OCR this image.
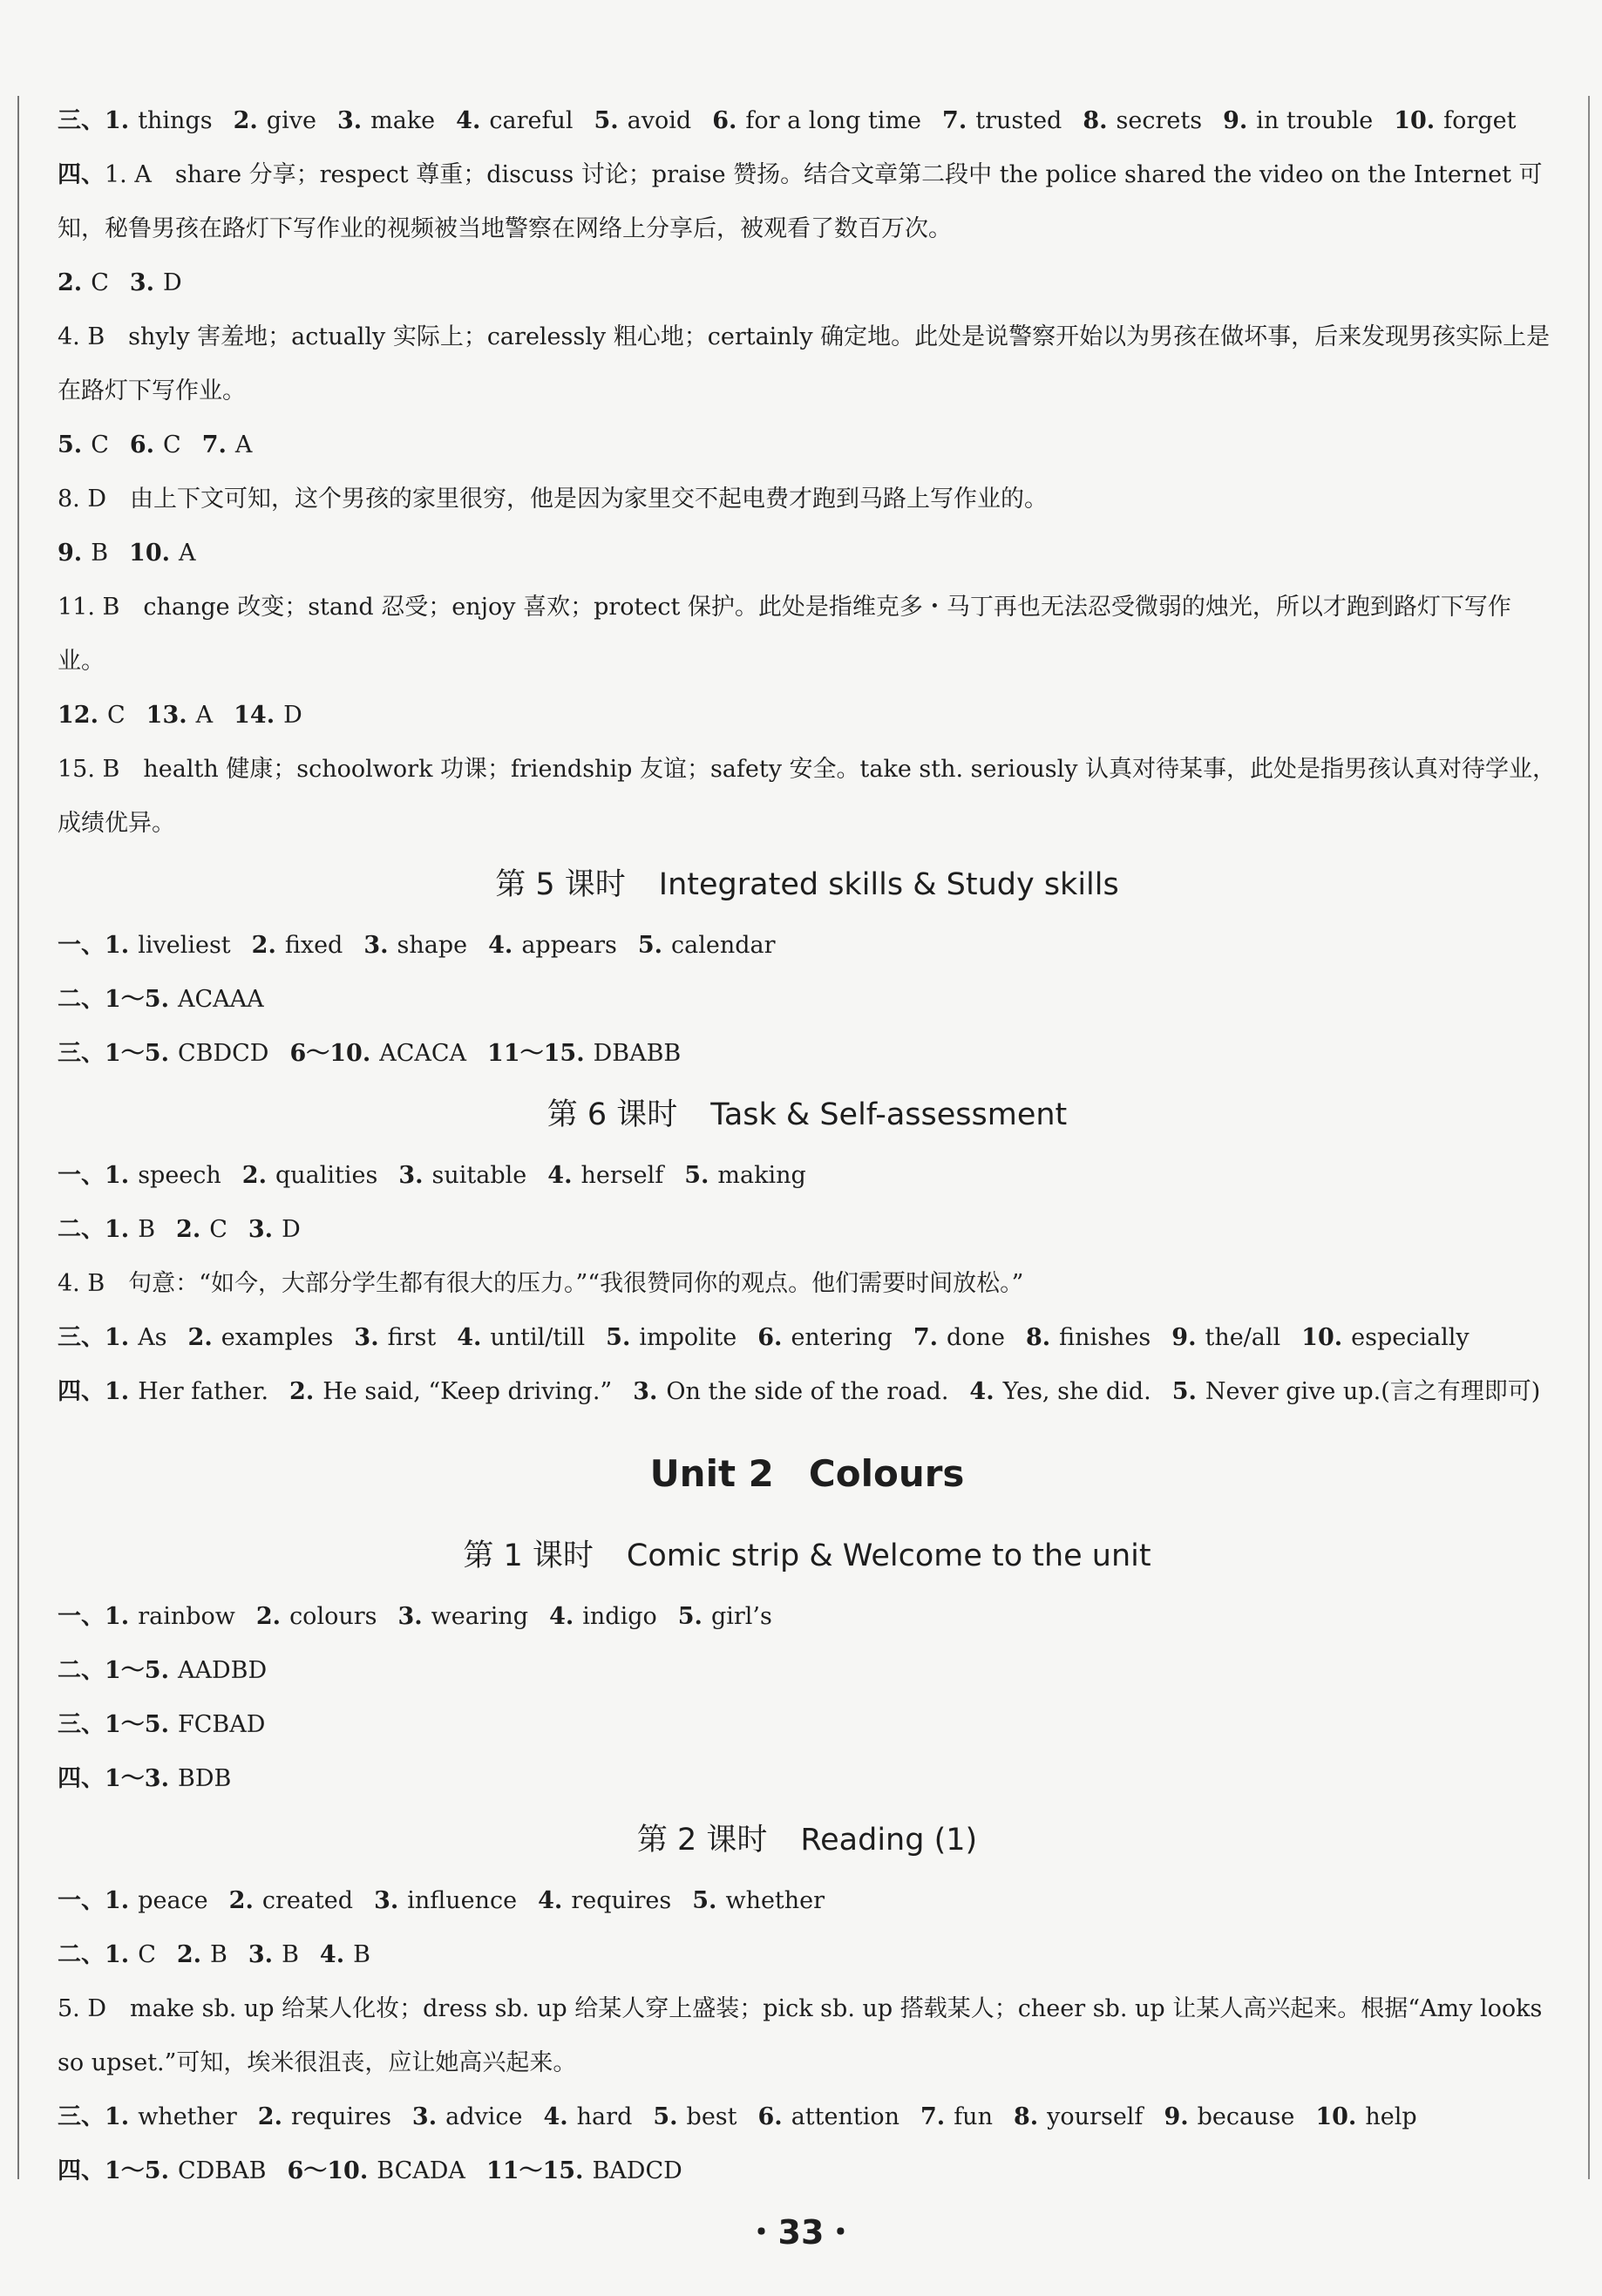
三、1. things 2. give 3. make 4. careful 5. avoid 6. for a long time 7. trusted 8. secrets 9. in trouble 10. forget
四、1. A　share 分享；respect 尊重；discuss 讨论；praise 赞扬。结合文章第二段中 the police shared the video on the Internet 可知，秘鲁男孩在路灯下写作业的视频被当地警察在网络上分享后，被观看了数百万次。
2. C 3. D
4. B　shyly 害羞地；actually 实际上；carelessly 粗心地；certainly 确定地。此处是说警察开始以为男孩在做坏事，后来发现男孩实际上是在路灯下写作业。
5. C 6. C 7. A
8. D　由上下文可知，这个男孩的家里很穷，他是因为家里交不起电费才跑到马路上写作业的。
9. B 10. A
11. B　change 改变；stand 忍受；enjoy 喜欢；protect 保护。此处是指维克多・马丁再也无法忍受微弱的烛光，所以才跑到路灯下写作业。
12. C 13. A 14. D
15. B　health 健康；schoolwork 功课；friendship 友谊；safety 安全。take sth. seriously 认真对待某事，此处是指男孩认真对待学业，成绩优异。
第 5 课时 Integrated skills & Study skills
一、1. liveliest 2. fixed 3. shape 4. appears 5. calendar
二、1～5. ACAAA
三、1～5. CBDCD 6～10. ACACA 11～15. DBABB
第 6 课时 Task & Self-assessment
一、1. speech 2. qualities 3. suitable 4. herself 5. making
二、1. B 2. C 3. D
4. B　句意：“如今，大部分学生都有很大的压力。”“我很赞同你的观点。他们需要时间放松。”
三、1. As 2. examples 3. first 4. until/till 5. impolite 6. entering 7. done 8. finishes 9. the/all 10. especially
四、1. Her father. 2. He said, “Keep driving.” 3. On the side of the road. 4. Yes, she did. 5. Never give up.(言之有理即可)
Unit 2 Colours
第 1 课时 Comic strip & Welcome to the unit
一、1. rainbow 2. colours 3. wearing 4. indigo 5. girl’s
二、1～5. AADBD
三、1～5. FCBAD
四、1～3. BDB
第 2 课时 Reading (1)
一、1. peace 2. created 3. influence 4. requires 5. whether
二、1. C 2. B 3. B 4. B
5. D　make sb. up 给某人化妆；dress sb. up 给某人穿上盛装；pick sb. up 搭载某人；cheer sb. up 让某人高兴起来。根据“Amy looks so upset.”可知，埃米很沮丧，应让她高兴起来。
三、1. whether 2. requires 3. advice 4. hard 5. best 6. attention 7. fun 8. yourself 9. because 10. help
四、1～5. CDBAB 6～10. BCADA 11～15. BADCD
・33・
